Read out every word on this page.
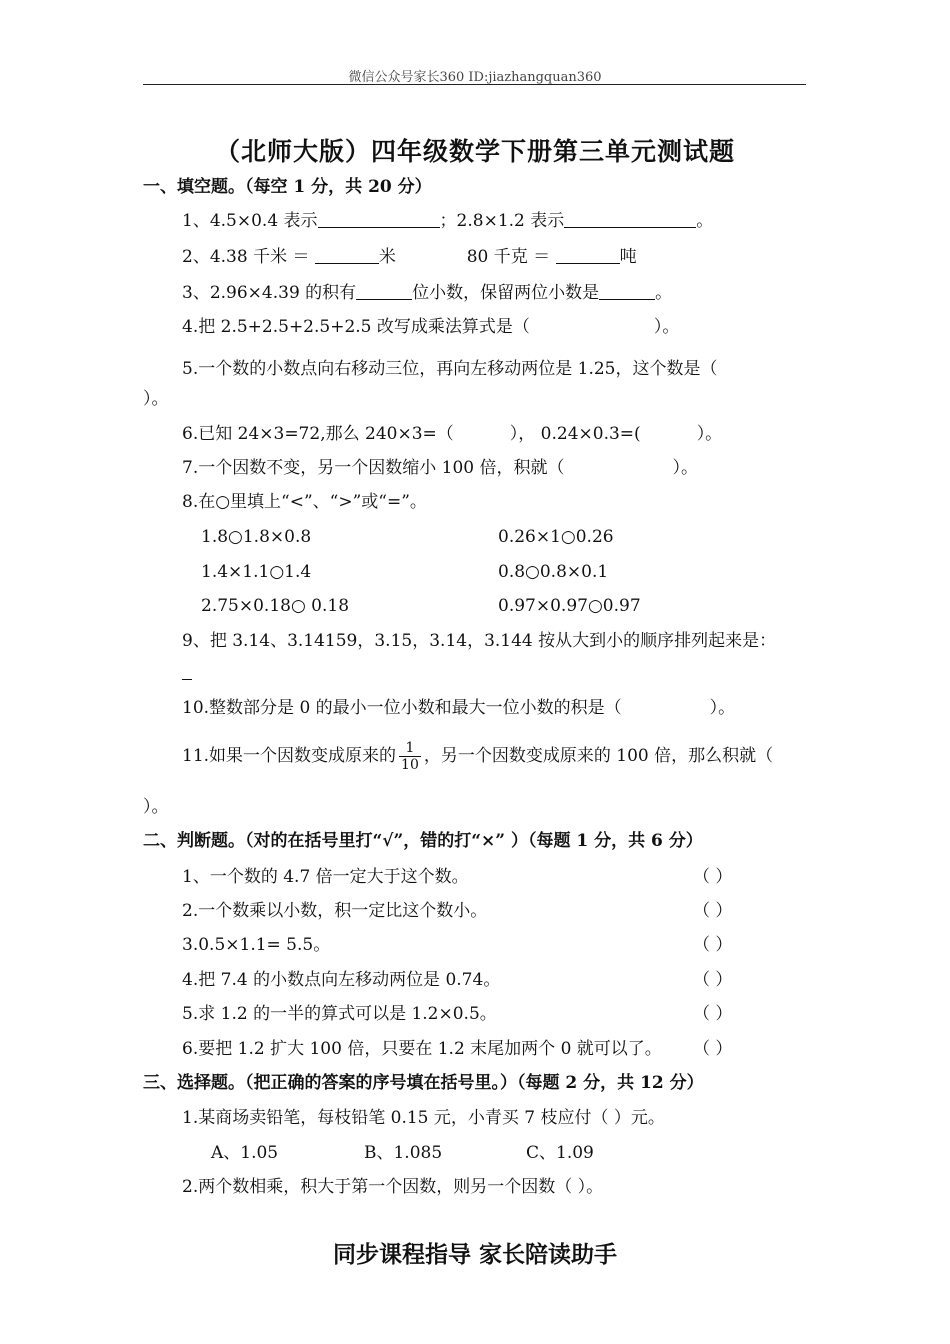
微信公众号家长360 ID:jiazhangquan360
（北师大版）四年级数学下册第三单元测试题
一、填空题。（每空 1 分，共 20 分）
1、4.5×0.4 表示	；2.8×1.2 表示	。
2、4.38 千米 ＝	米	80 千克 ＝	吨
3、2.96×4.39 的积有	位小数，保留两位小数是	。
4.把 2.5+2.5+2.5+2.5 改写成乘法算式是（	）。
5.一个数的小数点向右移动三位，再向左移动两位是 1.25，这个数是（
）。
6.已知 24×3=72,那么 240×3=（	）， 0.24×0.3=(	）。
7.一个因数不变，另一个因数缩小 100 倍，积就（	）。
8.在○里填上“<”、“>”或“=”。
1.8○1.8×0.8	0.26×1○0.26
1.4×1.1○1.4	0.8○0.8×0.1
2.75×0.18○ 0.18	0.97×0.97○0.97
9、把 3.14、3.14159，3.15，3.14，3.144 按从大到小的顺序排列起来是：
10.整数部分是 0 的最小一位小数和最大一位小数的积是（	）。
11.如果一个因数变成原来的 $\frac{1}{10}$ ，另一个因数变成原来的 100 倍，那么积就（
）。
二、判断题。（对的在括号里打“√”，错的打“×” ）（每题 1 分，共 6 分）
1、一个数的 4.7 倍一定大于这个数。	（ ）
2.一个数乘以小数，积一定比这个数小。	（ ）
3.0.5×1.1= 5.5。	（ ）
4.把 7.4 的小数点向左移动两位是 0.74。	（ ）
5.求 1.2 的一半的算式可以是 1.2×0.5。	（ ）
6.要把 1.2 扩大 100 倍，只要在 1.2 末尾加两个 0 就可以了。 （ ）
三、选择题。（把正确的答案的序号填在括号里。）（每题 2 分，共 12 分）
1.某商场卖铅笔，每枝铅笔 0.15 元，小青买 7 枝应付（ ）元。
A、1.05	B、1.085	C、1.09
2.两个数相乘，积大于第一个因数，则另一个因数（ ）。
同步课程指导 家长陪读助手
